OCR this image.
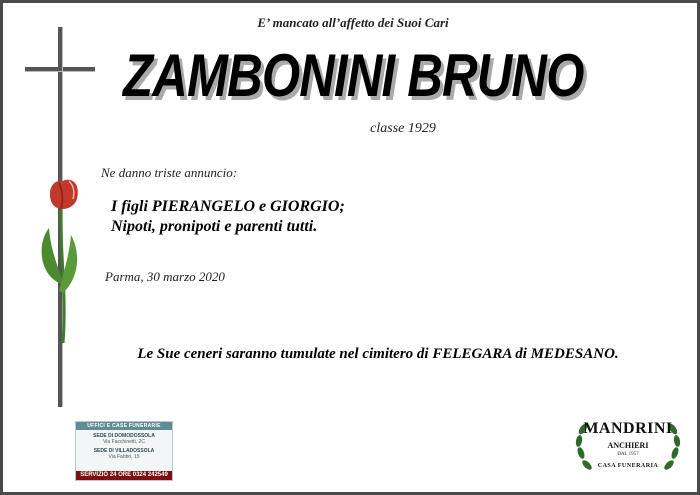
E’ mancato all’affetto dei Suoi Cari
ZAMBONINI BRUNO
classe 1929
Ne danno triste annuncio:
I figli PIERANGELO e GIORGIO;
Nipoti, pronipoti e parenti tutti.
Parma, 30 marzo 2020
Le Sue ceneri saranno tumulate nel cimitero di FELEGARA di MEDESANO.
UFFICI E CASE FUNERARIE
SEDE DI DOMODOSSOLA
Via Facchinetti, 2C
SEDE DI VILLADOSSOLA
Via Fabbri, 15
SERVIZIO 24 ORE 0324 242549
MANDRINI
ANCHIERI
DAL 1957
CASA FUNERARIA
